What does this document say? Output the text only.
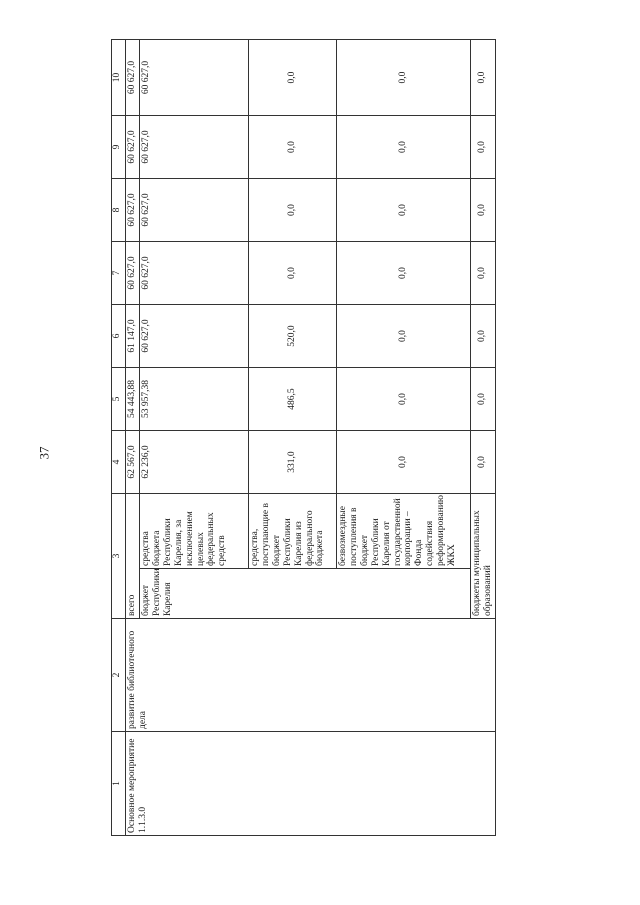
37
1	2	3		4	5	6	7	8	9	10
Основное мероприятие 1.1.3.0	развитие библиотечного дела	всего		62 567,0	54 443,88	61 147,0	60 627,0	60 627,0	60 627,0	60 627,0
		бюджет Республики Карелия	средства бюджета Республики Карелия, за исключением целевых федеральных средств	62 236,0	53 957,38	60 627,0	60 627,0	60 627,0	60 627,0	60 627,0
			средства, поступающие в бюджет Республики Карелия из федерального бюджета	331,0	486,5	520,0	0,0	0,0	0,0	0,0
			безвозмездные поступления в бюджет Республики Карелия от государственной корпорации – Фонда содействия реформированию ЖКХ	0,0	0,0	0,0	0,0	0,0	0,0	0,0
		бюджеты муниципальных образований		0,0	0,0	0,0	0,0	0,0	0,0	0,0
